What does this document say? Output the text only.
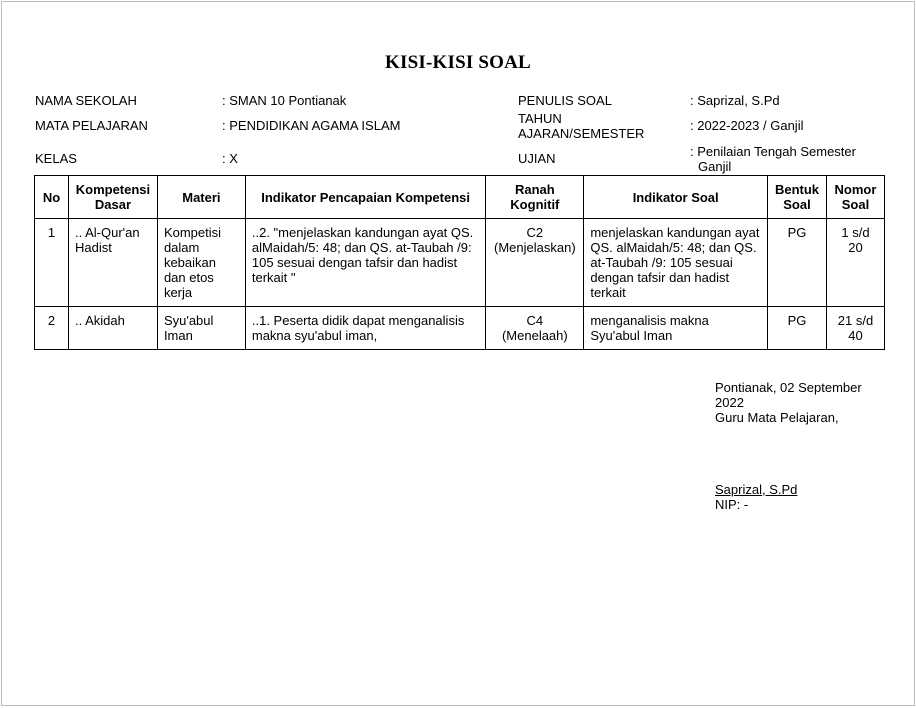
KISI-KISI SOAL
NAMA SEKOLAH	: SMAN 10 Pontianak
MATA PELAJARAN	: PENDIDIKAN AGAMA ISLAM
KELAS	: X
PENULIS SOAL	: Saprizal, S.Pd
TAHUN
AJARAN/SEMESTER
: 2022-2023 / Ganjil
UJIAN	: Penilaian Tengah Semester
Ganjil
No	Kompetensi Dasar	Materi	Indikator Pencapaian Kompetensi	Ranah Kognitif	Indikator Soal	Bentuk Soal	Nomor Soal
1	.. Al-Qur'an Hadist	Kompetisi dalam kebaikan dan etos kerja	..2. "menjelaskan kandungan ayat QS. alMaidah/5: 48; dan QS. at-Taubah /9: 105 sesuai dengan tafsir dan hadist terkait "	C2 (Menjelaskan)	menjelaskan kandungan ayat QS. alMaidah/5: 48; dan QS. at-Taubah /9: 105 sesuai dengan tafsir dan hadist terkait	PG	1 s/d 20
2	.. Akidah	Syu'abul Iman	..1. Peserta didik dapat menganalisis makna syu'abul iman,	C4 (Menelaah)	menganalisis makna Syu'abul Iman	PG	21 s/d 40
Pontianak, 02 September 2022
Guru Mata Pelajaran,
Saprizal, S.Pd
NIP: -
